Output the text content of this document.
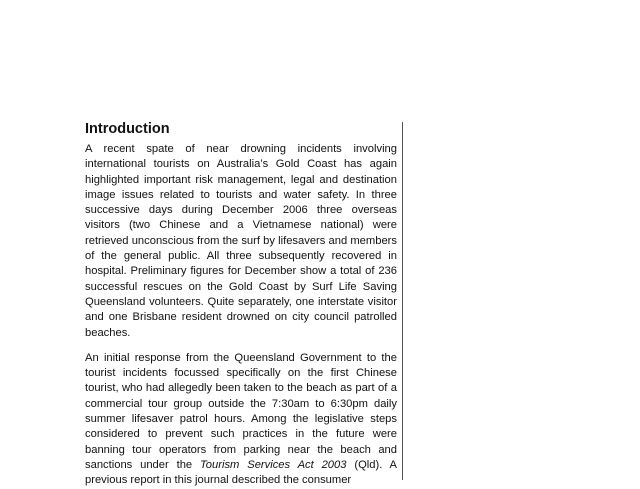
Introduction

A recent spate of near drowning incidents involving international tourists on Australia’s Gold Coast has again highlighted important risk management, legal and destination image issues related to tourists and water safety. In three successive days during December 2006 three overseas visitors (two Chinese and a Vietnamese national) were retrieved unconscious from the surf by lifesavers and members of the general public. All three subsequently recovered in hospital. Preliminary figures for December show a total of 236 successful rescues on the Gold Coast by Surf Life Saving Queensland volunteers. Quite separately, one interstate visitor and one Brisbane resident drowned on city council patrolled beaches.

An initial response from the Queensland Government to the tourist incidents focussed specifically on the first Chinese tourist, who had allegedly been taken to the beach as part of a commercial tour group outside the 7:30am to 6:30pm daily summer lifesaver patrol hours. Among the legislative steps considered to prevent such practices in the future were banning tour operators from parking near the beach and sanctions under the Tourism Services Act 2003 (Qld). A previous report in this journal described the consumer
